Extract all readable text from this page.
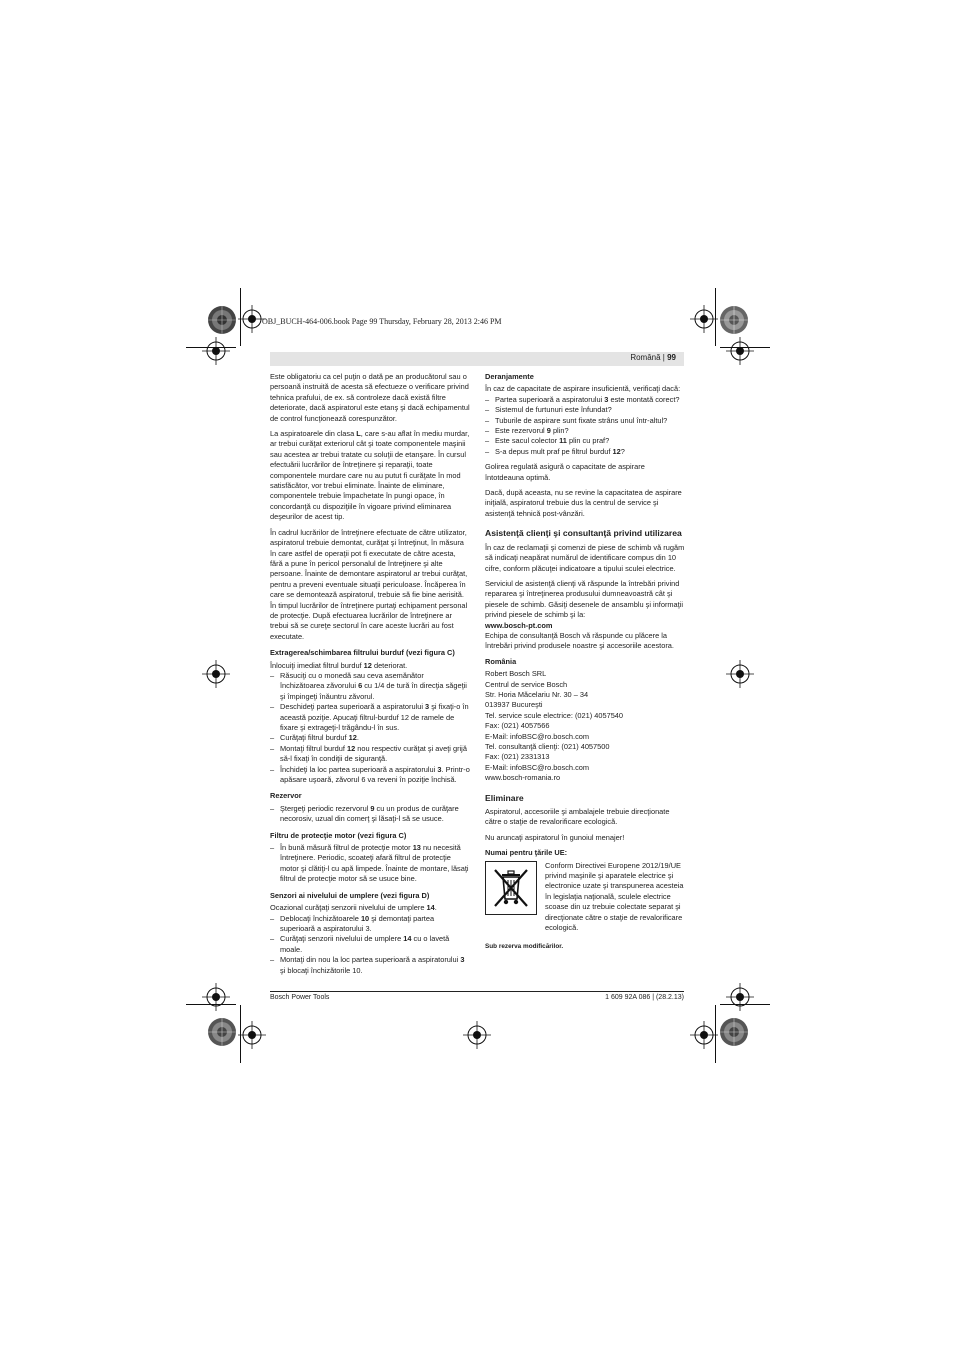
OBJ_BUCH-464-006.book Page 99 Thursday, February 28, 2013 2:46 PM
Română | 99

Este obligatoriu ca cel puţin o dată pe an producătorul sau o persoană instruită de acesta să efectueze o verificare privind tehnica prafului, de ex. să controleze dacă există filtre deteriorate, dacă aspiratorul este etanş şi dacă echipamentul de control funcţionează corespunzător.

La aspiratoarele din clasa L, care s-au aflat în mediu murdar, ar trebui curăţat exteriorul cât şi toate componentele maşinii sau acestea ar trebui tratate cu soluţii de etanşare. În cursul efectuării lucrărilor de întreţinere şi reparaţii, toate componentele murdare care nu au putut fi curăţate în mod satisfăcător, vor trebui eliminate. Înainte de eliminare, componentele trebuie împachetate în pungi opace, în concordanţă cu dispoziţiile în vigoare privind eliminarea deşeurilor de acest tip.

În cadrul lucrărilor de întreţinere efectuate de către utilizator, aspiratorul trebuie demontat, curăţat şi întreţinut, în măsura în care astfel de operaţii pot fi executate de către acesta, fără a pune în pericol personalul de întreţinere şi alte persoane. Înainte de demontare aspiratorul ar trebui curăţat, pentru a preveni eventuale situaţii periculoase. Încăperea în care se demontează aspiratorul, trebuie să fie bine aerisită. În timpul lucrărilor de întreţinere purtaţi echipament personal de protecţie. După efectuarea lucrărilor de întreţinere ar trebui să se cureţe sectorul în care aceste lucrări au fost executate.

Extragerea/schimbarea filtrului burduf (vezi figura C)

Înlocuiţi imediat filtrul burduf 12 deteriorat.

– Răsuciţi cu o monedă sau ceva asemănător închizătoarea zăvorului 6 cu 1/4 de tură în direcţia săgeţii şi împingeţi înăuntru zăvorul.
– Deschideţi partea superioară a aspiratorului 3 şi fixaţi-o în această poziţie. Apucaţi filtrul-burduf 12 de ramele de fixare şi extrageţi-l trăgându-l în sus.
– Curăţaţi filtrul burduf 12.
– Montaţi filtrul burduf 12 nou respectiv curăţat şi aveţi grijă să-l fixaţi în condiţii de siguranţă.
– Închideţi la loc partea superioară a aspiratorului 3. Printr-o apăsare uşoară, zăvorul 6 va reveni în poziţie închisă.
Rezervor
– Ştergeţi periodic rezervorul 9 cu un produs de curăţare necorosiv, uzual din comerţ şi lăsaţi-l să se usuce.
Filtru de protecţie motor (vezi figura C)
– În bună măsură filtrul de protecţie motor 13 nu necesită întreţinere. Periodic, scoateţi afară filtrul de protecţie motor şi clătiţi-l cu apă limpede. Înainte de montare, lăsaţi filtrul de protecţie motor să se usuce bine.
Senzori ai nivelului de umplere (vezi figura D)

Ocazional curăţaţi senzorii nivelului de umplere 14.

– Deblocaţi închizătoarele 10 şi demontaţi partea superioară a aspiratorului 3.
– Curăţaţi senzorii nivelului de umplere 14 cu o lavetă moale.
– Montaţi din nou la loc partea superioară a aspiratorului 3 şi blocaţi închizătorile 10.
Deranjamente

În caz de capacitate de aspirare insuficientă, verificaţi dacă:

– Partea superioară a aspiratorului 3 este montată corect?
– Sistemul de furtunuri este înfundat?
– Tuburile de aspirare sunt fixate strâns unul într-altul?
– Este rezervorul 9 plin?
– Este sacul colector 11 plin cu praf?
– S-a depus mult praf pe filtrul burduf 12?

Golirea regulată asigură o capacitate de aspirare întotdeauna optimă.

Dacă, după aceasta, nu se revine la capacitatea de aspirare iniţială, aspiratorul trebuie dus la centrul de service şi asistenţă tehnică post-vânzări.

Asistenţă clienţi şi consultanţă privind utilizarea

În caz de reclamaţii şi comenzi de piese de schimb vă rugăm să indicaţi neapărat numărul de identificare compus din 10 cifre, conform plăcuţei indicatoare a tipului sculei electrice.

Serviciul de asistenţă clienţi vă răspunde la întrebări privind repararea şi întreţinerea produsului dumneavoastră cât şi piesele de schimb. Găsiţi desenele de ansamblu şi informaţii privind piesele de schimb şi la:

www.bosch-pt.com

Echipa de consultanţă Bosch vă răspunde cu plăcere la întrebări privind produsele noastre şi accesoriile acestora.

România
Robert Bosch SRL
Centrul de service Bosch
Str. Horia Măcelariu Nr. 30 – 34
013937 Bucureşti
Tel. service scule electrice: (021) 4057540
Fax: (021) 4057566
E-Mail: infoBSC@ro.bosch.com
Tel. consultanţă clienţi: (021) 4057500
Fax: (021) 2331313
E-Mail: infoBSC@ro.bosch.com
www.bosch-romania.ro
Eliminare

Aspiratorul, accesoriile şi ambalajele trebuie direcţionate către o staţie de revalorificare ecologică.

Nu aruncaţi aspiratorul în gunoiul menajer!

Numai pentru ţările UE:
Conform Directivei Europene 2012/19/UE privind maşinile şi aparatele electrice şi electronice uzate şi transpunerea acesteia în legislaţia naţională, sculele electrice scoase din uz trebuie colectate separat şi direcţionate către o staţie de revalorificare ecologică.
Sub rezerva modificărilor.
Bosch Power Tools	1 609 92A 086 | (28.2.13)
